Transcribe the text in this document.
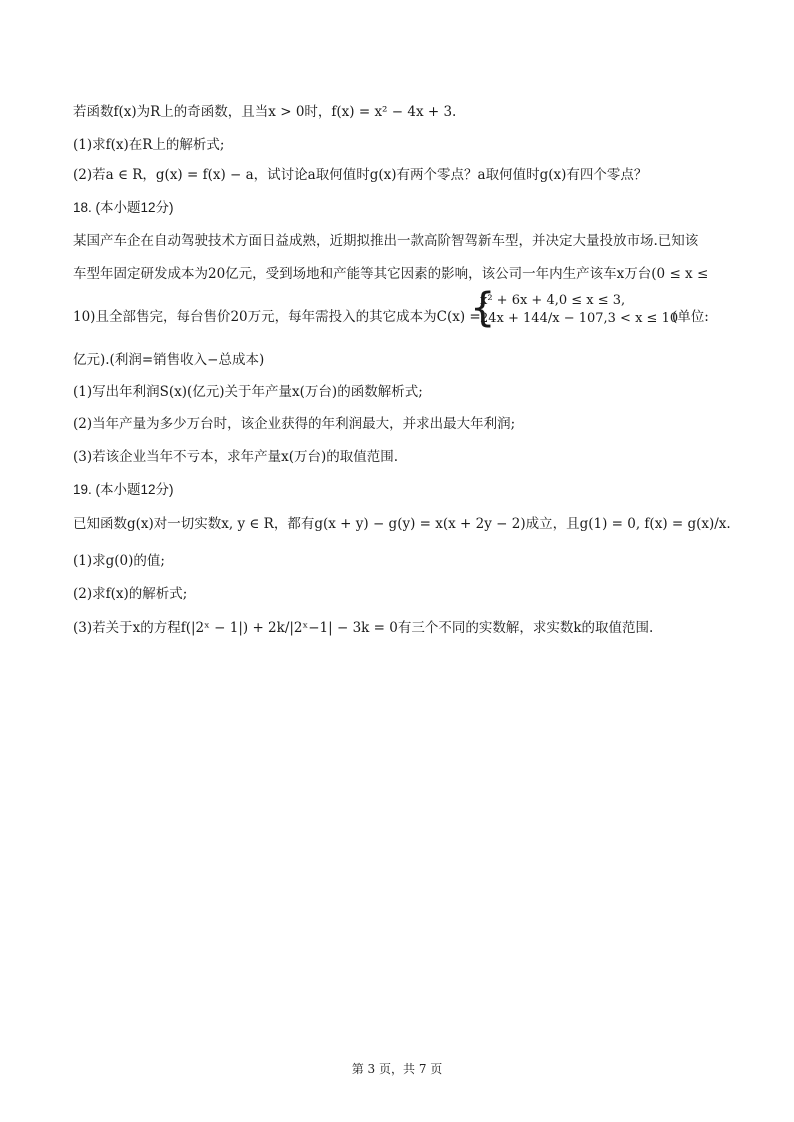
若函数f(x)为R上的奇函数，且当x > 0时，f(x) = x² − 4x + 3.
(1)求f(x)在R上的解析式;
(2)若a ∈ R，g(x) = f(x) − a，试讨论a取何值时g(x)有两个零点？a取何值时g(x)有四个零点？
18. (本小题12分)
某国产车企在自动驾驶技术方面日益成熟，近期拟推出一款高阶智驾新车型，并决定大量投放市场.已知该
车型年固定研发成本为20亿元，受到场地和产能等其它因素的影响，该公司一年内生产该车x万台(0 ≤ x ≤
10)且全部售完，每台售价20万元，每年需投入的其它成本为C(x) =
{
x² + 6x + 4,0 ≤ x ≤ 3,
24x + 144/x − 107,3 < x ≤ 10
(单位:
亿元).(利润=销售收入−总成本)
(1)写出年利润S(x)(亿元)关于年产量x(万台)的函数解析式;
(2)当年产量为多少万台时，该企业获得的年利润最大，并求出最大年利润;
(3)若该企业当年不亏本，求年产量x(万台)的取值范围.
19. (本小题12分)
已知函数g(x)对一切实数x, y ∈ R，都有g(x + y) − g(y) = x(x + 2y − 2)成立，且g(1) = 0, f(x) = g(x)/x.
(1)求g(0)的值;
(2)求f(x)的解析式;
(3)若关于x的方程f(|2ˣ − 1|) + 2k/|2ˣ−1| − 3k = 0有三个不同的实数解，求实数k的取值范围.
第 3 页，共 7 页
